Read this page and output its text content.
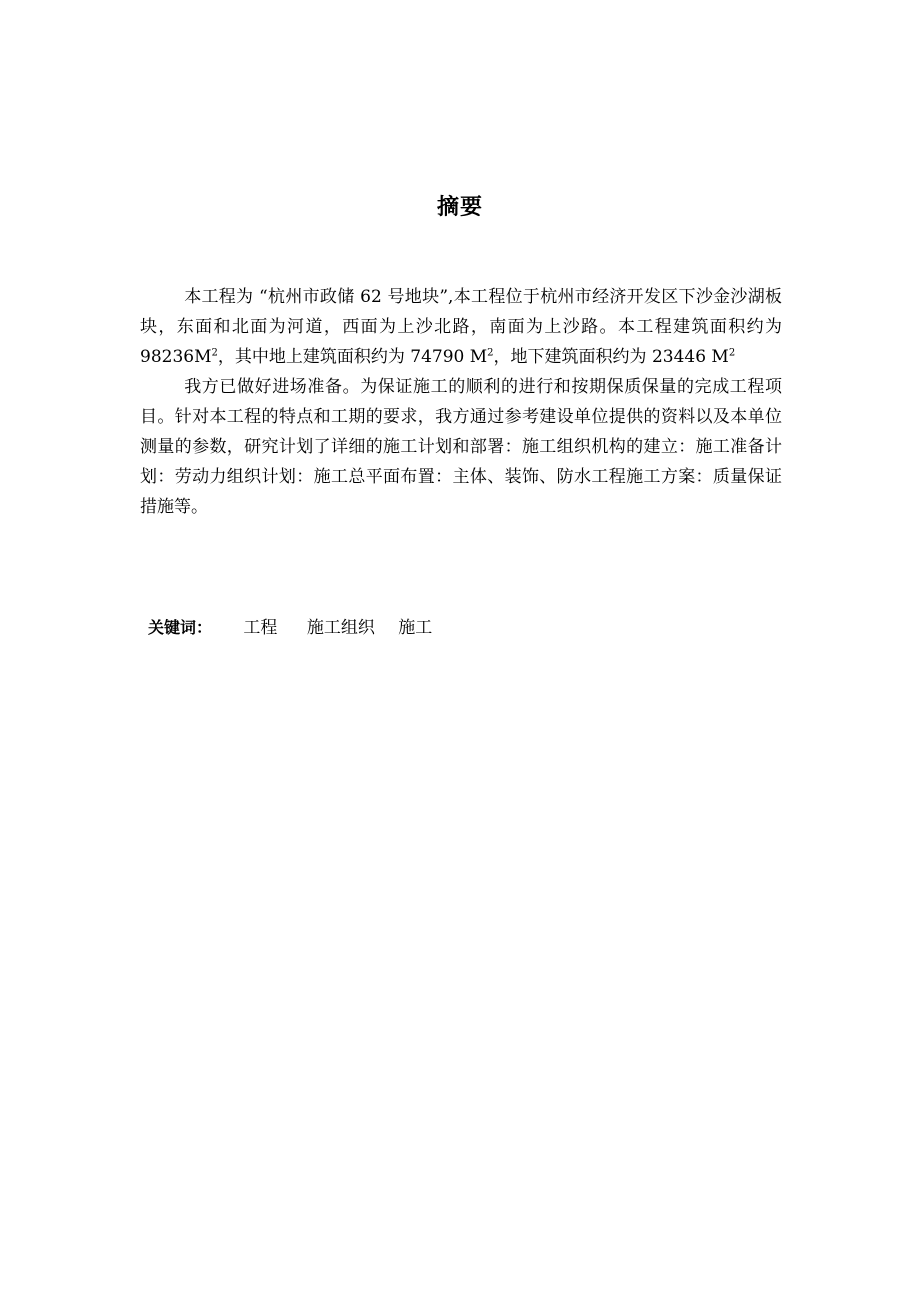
摘要

本工程为 “杭州市政储 62 号地块”,本工程位于杭州市经济开发区下沙金沙湖板块，东面和北面为河道，西面为上沙北路，南面为上沙路。本工程建筑面积约为 $98236M^2$，其中地上建筑面积约为 74790 $M^2$，地下建筑面积约为 23446 $M^2$

我方已做好进场准备。为保证施工的顺利的进行和按期保质保量的完成工程项目。针对本工程的特点和工期的要求，我方通过参考建设单位提供的资料以及本单位测量的参数，研究计划了详细的施工计划和部署：施工组织机构的建立：施工准备计划：劳动力组织计划：施工总平面布置：主体、装饰、防水工程施工方案：质量保证措施等。

关键词： 工程 施工组织 施工
